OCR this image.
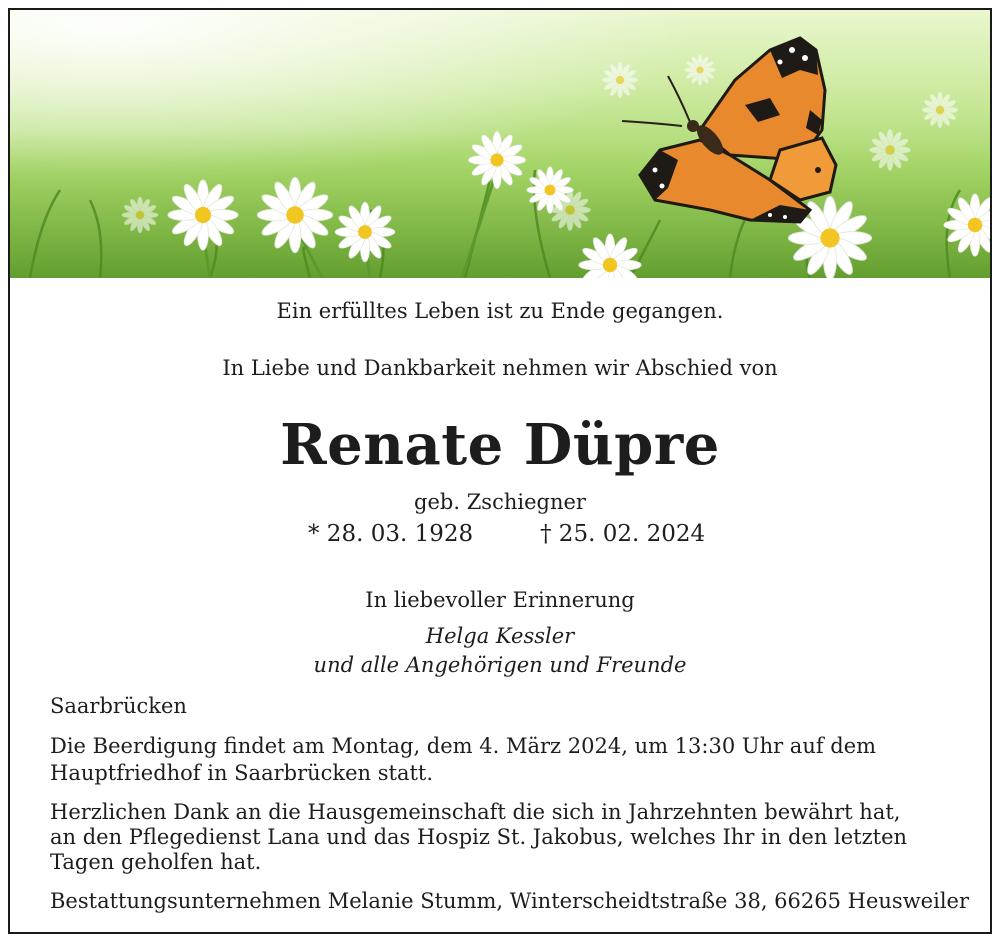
Ein erfülltes Leben ist zu Ende gegangen.
In Liebe und Dankbarkeit nehmen wir Abschied von
Renate Düpre
geb. Zschiegner
* 28. 03. 1928	† 25. 02. 2024
In liebevoller Erinnerung
Helga Kessler
und alle Angehörigen und Freunde
Saarbrücken
Die Beerdigung findet am Montag, dem 4. März 2024, um 13:30 Uhr auf dem
Hauptfriedhof in Saarbrücken statt.
Herzlichen Dank an die Hausgemeinschaft die sich in Jahrzehnten bewährt hat,
an den Pflegedienst Lana und das Hospiz St. Jakobus, welches Ihr in den letzten
Tagen geholfen hat.
Bestattungsunternehmen Melanie Stumm, Winterscheidtstraße 38, 66265 Heusweiler
